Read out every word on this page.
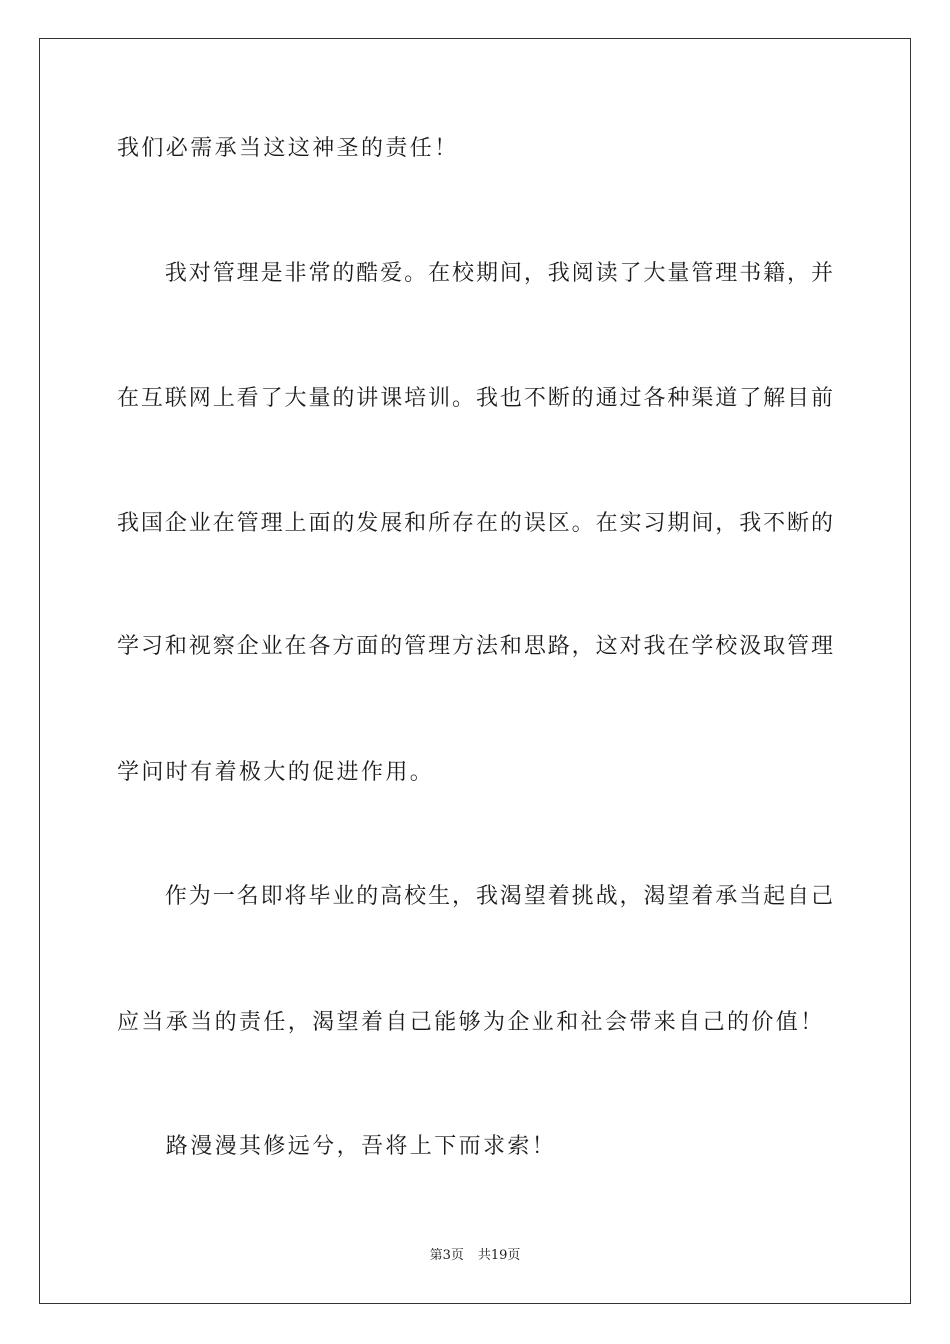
我们必需承当这这神圣的责任！
　　我对管理是非常的酷爱。在校期间，我阅读了大量管理书籍，并
在互联网上看了大量的讲课培训。我也不断的通过各种渠道了解目前
我国企业在管理上面的发展和所存在的误区。在实习期间，我不断的
学习和视察企业在各方面的管理方法和思路，这对我在学校汲取管理
学问时有着极大的促进作用。
　　作为一名即将毕业的高校生，我渴望着挑战，渴望着承当起自己
应当承当的责任，渴望着自己能够为企业和社会带来自己的价值！
　　路漫漫其修远兮，吾将上下而求索！
第3页 共19页
